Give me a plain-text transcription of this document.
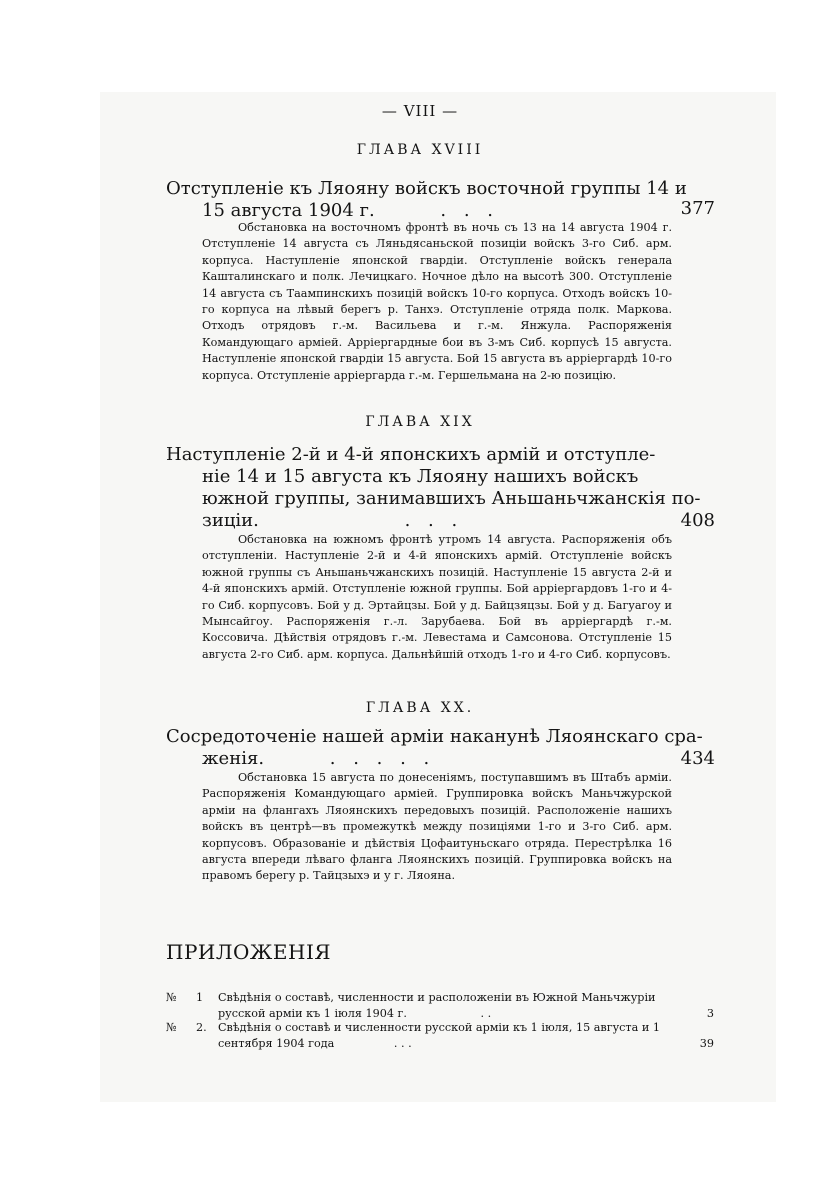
— VIII —
ГЛАВА XVIII
Отступленіе къ Ляояну войскъ восточной группы 14 и
15 августа 1904 г.	. . .	377
Обстановка на восточномъ фронтѣ въ ночь съ 13 на 14 августа 1904 г. Отступленіе 14 августа съ Ляньдясаньской позиціи войскъ 3-го Сиб. арм. корпуса. Наступленіе японской гвардіи. Отступленіе войскъ генерала Кашталинскаго и полк. Лечицкаго. Ночное дѣло на высотѣ 300. Отступленіе 14 августа съ Таампинскихъ позицій войскъ 10-го корпуса. Отходъ войскъ 10-го корпуса на лѣвый берегъ р. Танхэ. Отступленіе отряда полк. Маркова. Отходъ отрядовъ г.-м. Васильева и г.-м. Янжула. Распоряженія Командующаго арміей. Аррiергардные бои въ 3-мъ Сиб. корпусѣ 15 августа. Наступленіе японской гвардіи 15 августа. Бой 15 августа въ аррiергардѣ 10-го корпуса. Отступленіе аррiергарда г.-м. Гершельмана на 2-ю позицію.
ГЛАВА XIX
Наступленіе 2-й и 4-й японскихъ армій и отступле-
ніе 14 и 15 августа къ Ляояну нашихъ войскъ
южной группы, занимавшихъ Аньшаньчжанскія по-
зиціи.	. . .	408
Обстановка на южномъ фронтѣ утромъ 14 августа. Распоряженія объ отступленіи. Наступленіе 2-й и 4-й японскихъ армій. Отступленіе войскъ южной группы съ Аньшаньчжанскихъ позицій. Наступленіе 15 августа 2-й и 4-й японскихъ армій. Отступленіе южной группы. Бой аррiергардовъ 1-го и 4-го Сиб. корпусовъ. Бой у д. Эртайцзы. Бой у д. Байцзяцзы. Бой у д. Багуагоу и Мынсайгоу. Распоряженія г.-л. Зарубаева. Бой въ аррiергардѣ г.-м. Коссовича. Дѣйствія отрядовъ г.-м. Левестама и Самсонова. Отступленіе 15 августа 2-го Сиб. арм. корпуса. Дальнѣйшій отходъ 1-го и 4-го Сиб. корпусовъ.
ГЛАВА XX.
Сосредоточеніе нашей арміи наканунѣ Ляоянскаго сра-
женія.	. . . . .	434
Обстановка 15 августа по донесеніямъ, поступавшимъ въ Штабъ арміи. Распоряженія Командующаго арміей. Группировка войскъ Маньчжурской арміи на флангахъ Ляоянскихъ передовыхъ позицій. Расположеніе нашихъ войскъ въ центрѣ—въ промежуткѣ между позиціями 1-го и 3-го Сиб. арм. корпусовъ. Образованіе и дѣйствія Цофаитуньскаго отряда. Перестрѣлка 16 августа впереди лѣваго фланга Ляоянскихъ позицій. Группировка войскъ на правомъ берегу р. Тайцзыхэ и у г. Ляояна.
ПРИЛОЖЕНІЯ
№ 1 Свѣдѣнія о составѣ, численности и расположеніи въ Южной Маньчжуріи русской арміи къ 1 іюля 1904 г.	. .	3
№ 2. Свѣдѣнія о составѣ и численности русской арміи къ 1 іюля, 15 августа и 1 сентября 1904 года	. . .	39
